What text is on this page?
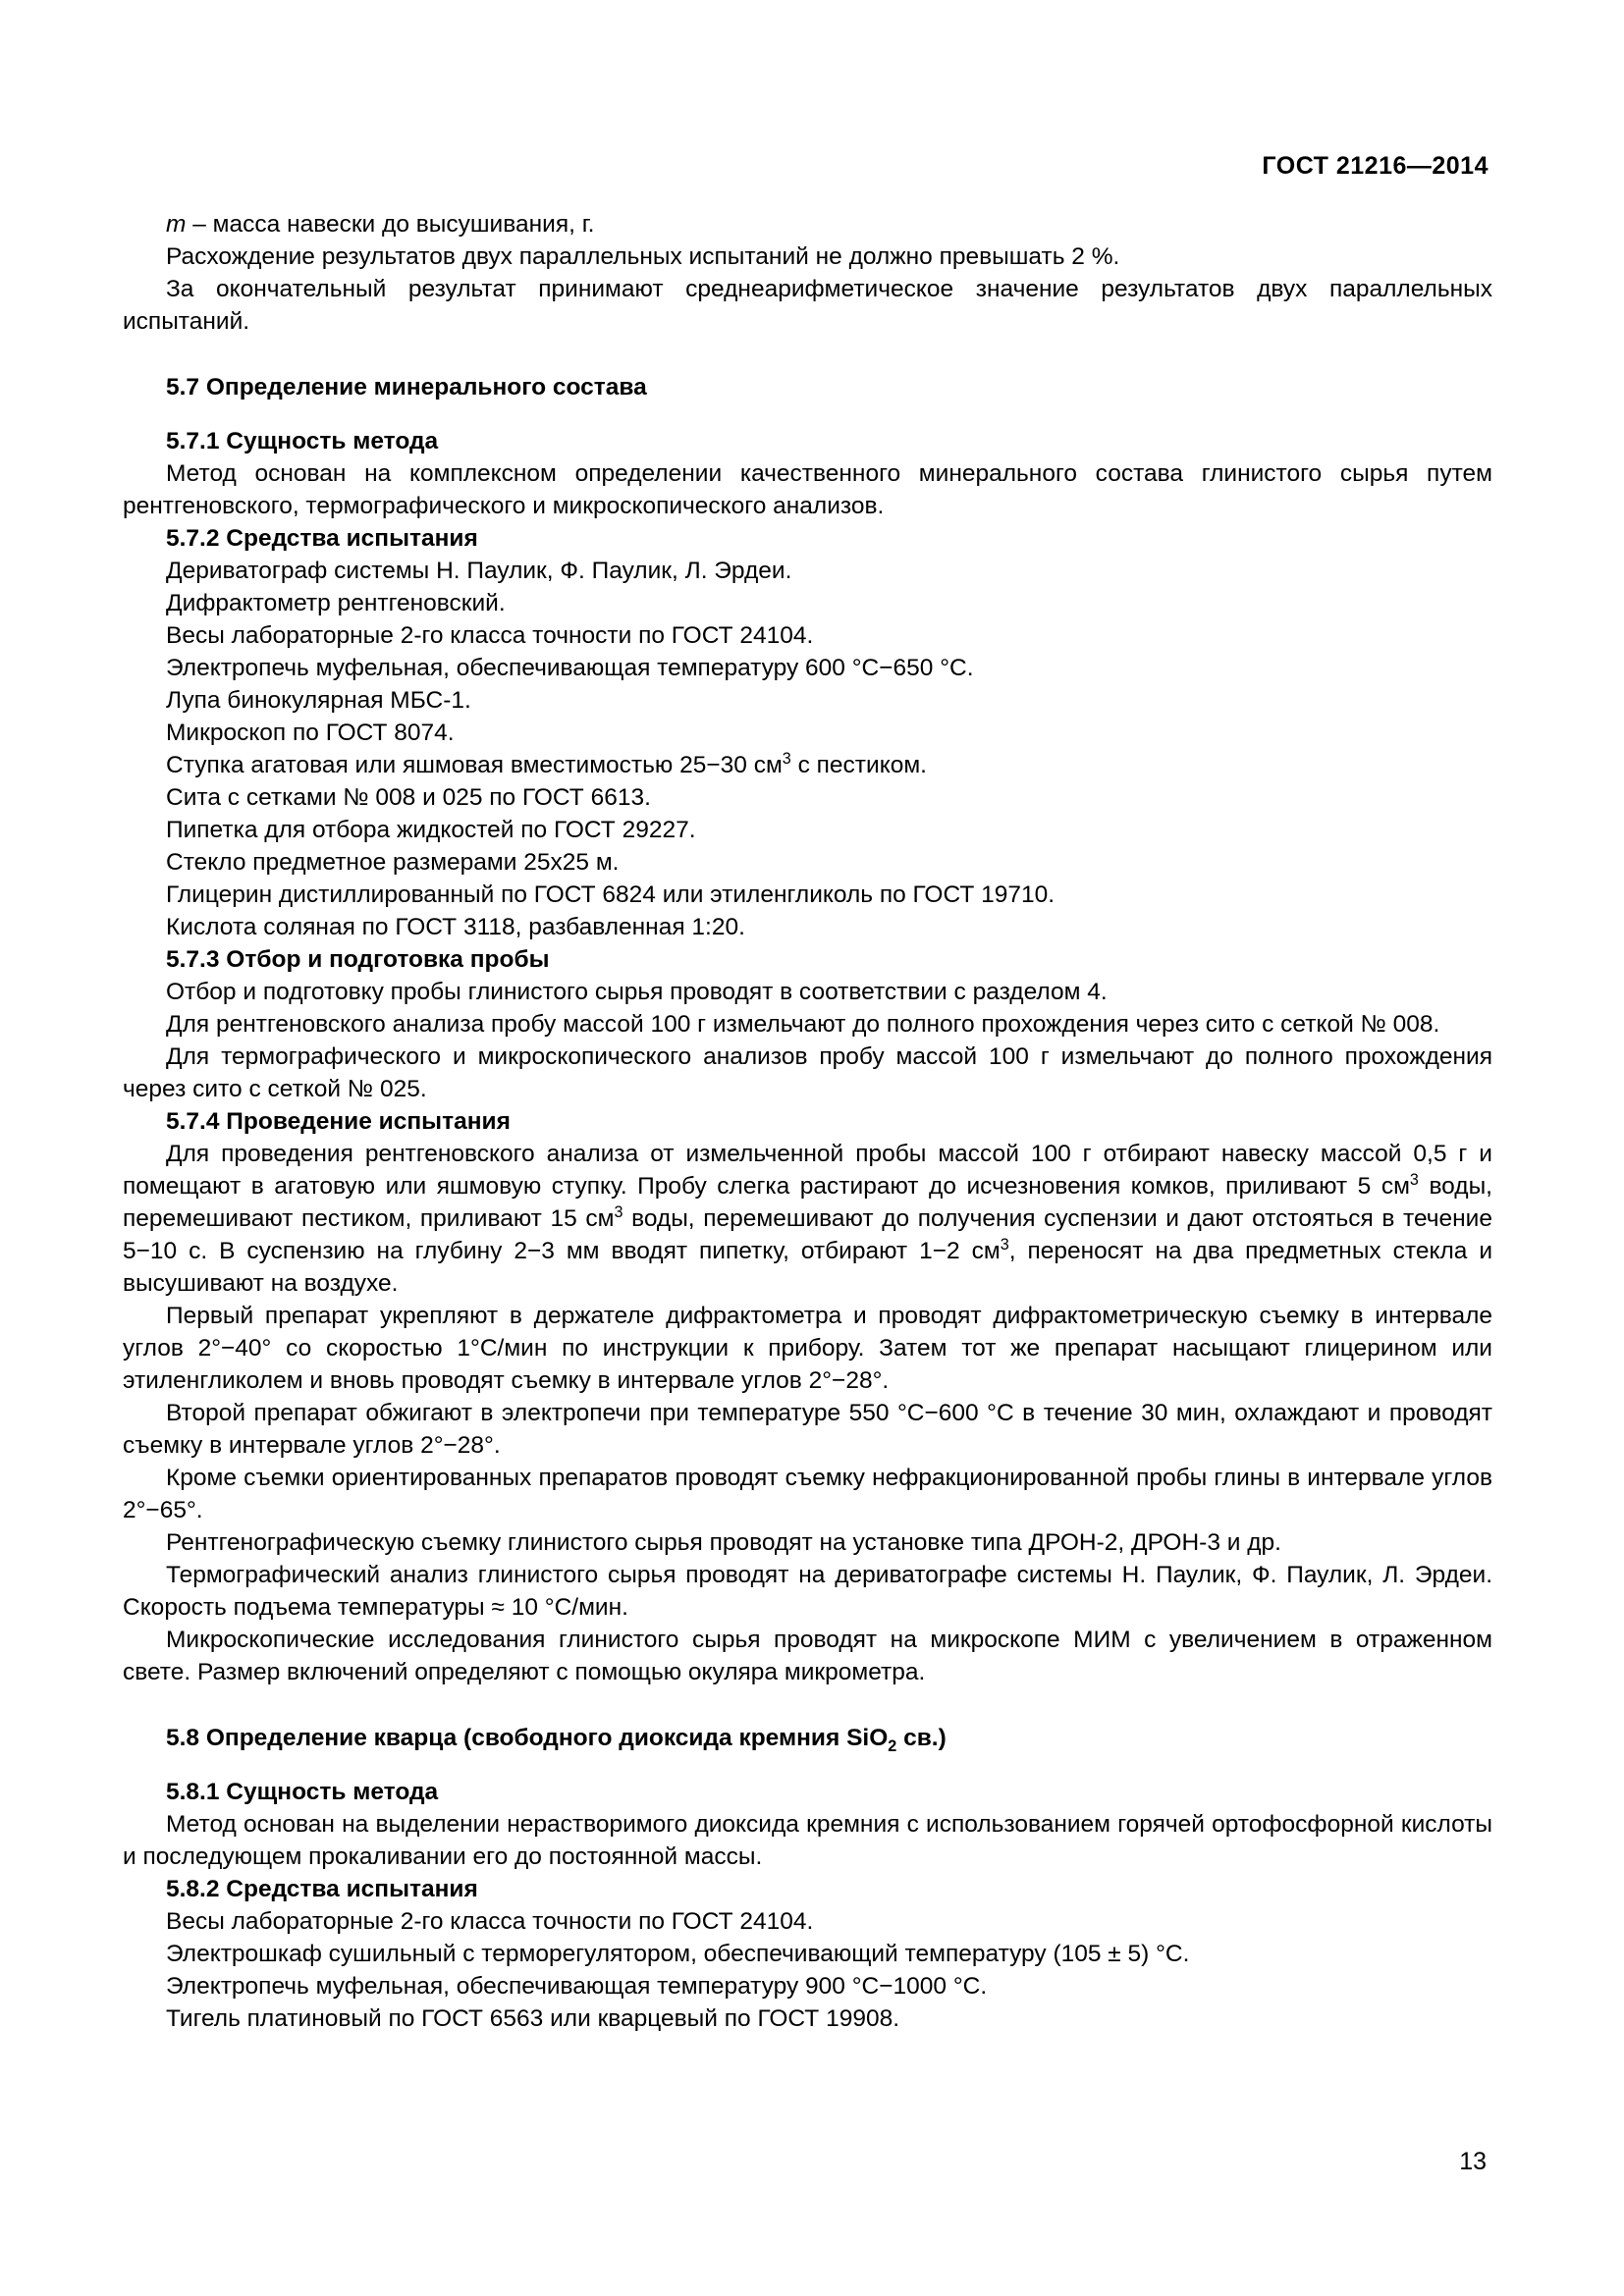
ГОСТ 21216—2014

m – масса навески до высушивания, г.

Расхождение результатов двух параллельных испытаний не должно превышать 2 %.

За окончательный результат принимают среднеарифметическое значение результатов двух параллельных испытаний.

5.7 Определение минерального состава
5.7.1 Сущность метода

Метод основан на комплексном определении качественного минерального состава глинистого сырья путем рентгеновского, термографического и микроскопического анализов.

5.7.2 Средства испытания

Дериватограф системы Н. Паулик, Ф. Паулик, Л. Эрдеи.

Дифрактометр рентгеновский.

Весы лабораторные 2-го класса точности по ГОСТ 24104.

Электропечь муфельная, обеспечивающая температуру 600 °С−650 °С.

Лупа бинокулярная МБС-1.

Микроскоп по ГОСТ 8074.

Ступка агатовая или яшмовая вместимостью 25−30 $см^3$ с пестиком.

Сита с сетками № 008 и 025 по ГОСТ 6613.

Пипетка для отбора жидкостей по ГОСТ 29227.

Стекло предметное размерами 25х25 м.

Глицерин дистиллированный по ГОСТ 6824 или этиленгликоль по ГОСТ 19710.

Кислота соляная по ГОСТ 3118, разбавленная 1:20.

5.7.3 Отбор и подготовка пробы

Отбор и подготовку пробы глинистого сырья проводят в соответствии с разделом 4.

Для рентгеновского анализа пробу массой 100 г измельчают до полного прохождения через сито с сеткой № 008.

Для термографического и микроскопического анализов пробу массой 100 г измельчают до полного прохождения через сито с сеткой № 025.

5.7.4 Проведение испытания

Для проведения рентгеновского анализа от измельченной пробы массой 100 г отбирают навеску массой 0,5 г и помещают в агатовую или яшмовую ступку. Пробу слегка растирают до исчезновения комков, приливают 5 $см^3$ воды, перемешивают пестиком, приливают 15 $см^3$ воды, перемешивают до получения суспензии и дают отстояться в течение 5−10 с. В суспензию на глубину 2−3 мм вводят пипетку, отбирают 1−2 $см^3$, переносят на два предметных стекла и высушивают на воздухе.

Первый препарат укрепляют в держателе дифрактометра и проводят дифрактометрическую съемку в интервале углов 2°−40° со скоростью 1°С/мин по инструкции к прибору. Затем тот же препарат насыщают глицерином или этиленгликолем и вновь проводят съемку в интервале углов 2°−28°.

Второй препарат обжигают в электропечи при температуре 550 °С−600 °С в течение 30 мин, охлаждают и проводят съемку в интервале углов 2°−28°.

Кроме съемки ориентированных препаратов проводят съемку нефракционированной пробы глины в интервале углов 2°−65°.

Рентгенографическую съемку глинистого сырья проводят на установке типа ДРОН-2, ДРОН-3 и др.

Термографический анализ глинистого сырья проводят на дериватографе системы Н. Паулик, Ф. Паулик, Л. Эрдеи. Скорость подъема температуры ≈ 10 °С/мин.

Микроскопические исследования глинистого сырья проводят на микроскопе МИМ с увеличением в отраженном свете. Размер включений определяют с помощью окуляра микрометра.

5.8 Определение кварца (свободного диоксида кремния SiO$_2$ св.)
5.8.1 Сущность метода

Метод основан на выделении нерастворимого диоксида кремния с использованием горячей ортофосфорной кислоты и последующем прокаливании его до постоянной массы.

5.8.2 Средства испытания

Весы лабораторные 2-го класса точности по ГОСТ 24104.

Электрошкаф сушильный с терморегулятором, обеспечивающий температуру (105 ± 5) °С.

Электропечь муфельная, обеспечивающая температуру 900 °С−1000 °С.

Тигель платиновый по ГОСТ 6563 или кварцевый по ГОСТ 19908.

13
